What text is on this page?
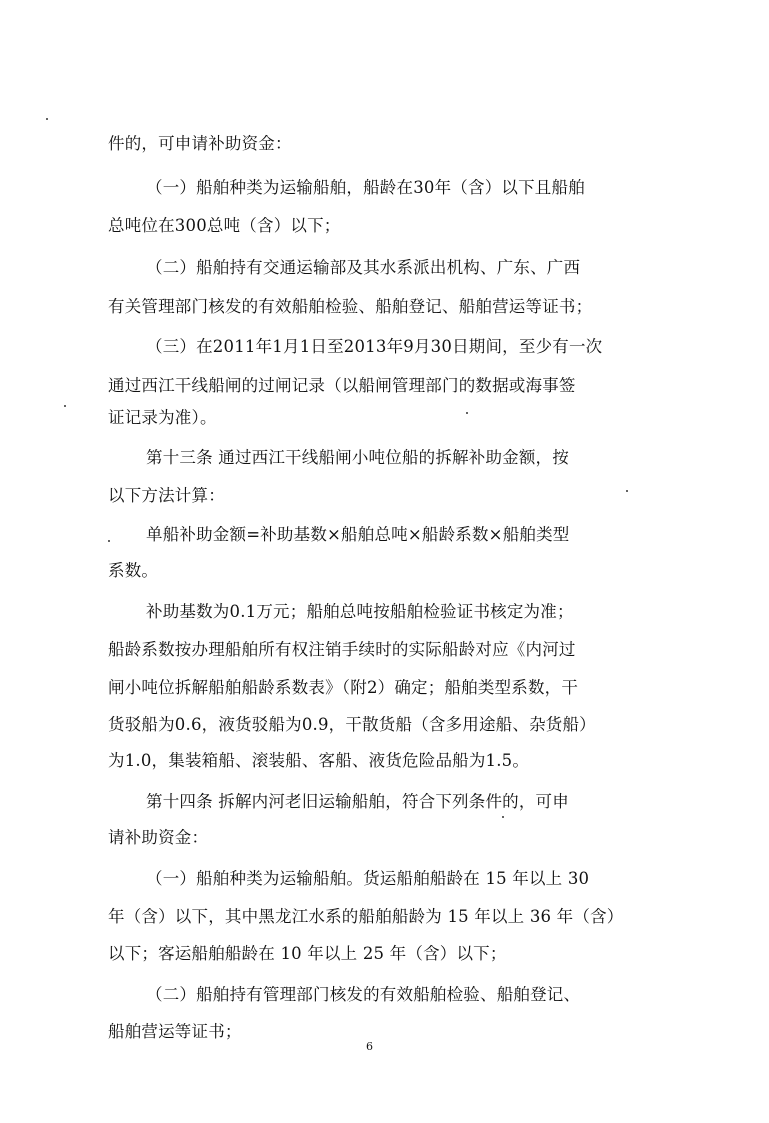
件的，可申请补助资金：
（一）船舶种类为运输船舶，船龄在30年（含）以下且船舶
总吨位在300总吨（含）以下；
（二）船舶持有交通运输部及其水系派出机构、广东、广西
有关管理部门核发的有效船舶检验、船舶登记、船舶营运等证书；
（三）在2011年1月1日至2013年9月30日期间，至少有一次
通过西江干线船闸的过闸记录（以船闸管理部门的数据或海事签
证记录为准）。
第十三条 通过西江干线船闸小吨位船的拆解补助金额，按
以下方法计算：
单船补助金额=补助基数×船舶总吨×船龄系数×船舶类型
系数。
补助基数为0.1万元；船舶总吨按船舶检验证书核定为准；
船龄系数按办理船舶所有权注销手续时的实际船龄对应《内河过
闸小吨位拆解船舶船龄系数表》（附2）确定；船舶类型系数，干
货驳船为0.6，液货驳船为0.9，干散货船（含多用途船、杂货船）
为1.0，集装箱船、滚装船、客船、液货危险品船为1.5。
第十四条 拆解内河老旧运输船舶，符合下列条件的，可申
请补助资金：
（一）船舶种类为运输船舶。货运船舶船龄在 15 年以上 30
年（含）以下，其中黑龙江水系的船舶船龄为 15 年以上 36 年（含）
以下；客运船舶船龄在 10 年以上 25 年（含）以下；
（二）船舶持有管理部门核发的有效船舶检验、船舶登记、
船舶营运等证书；
6
